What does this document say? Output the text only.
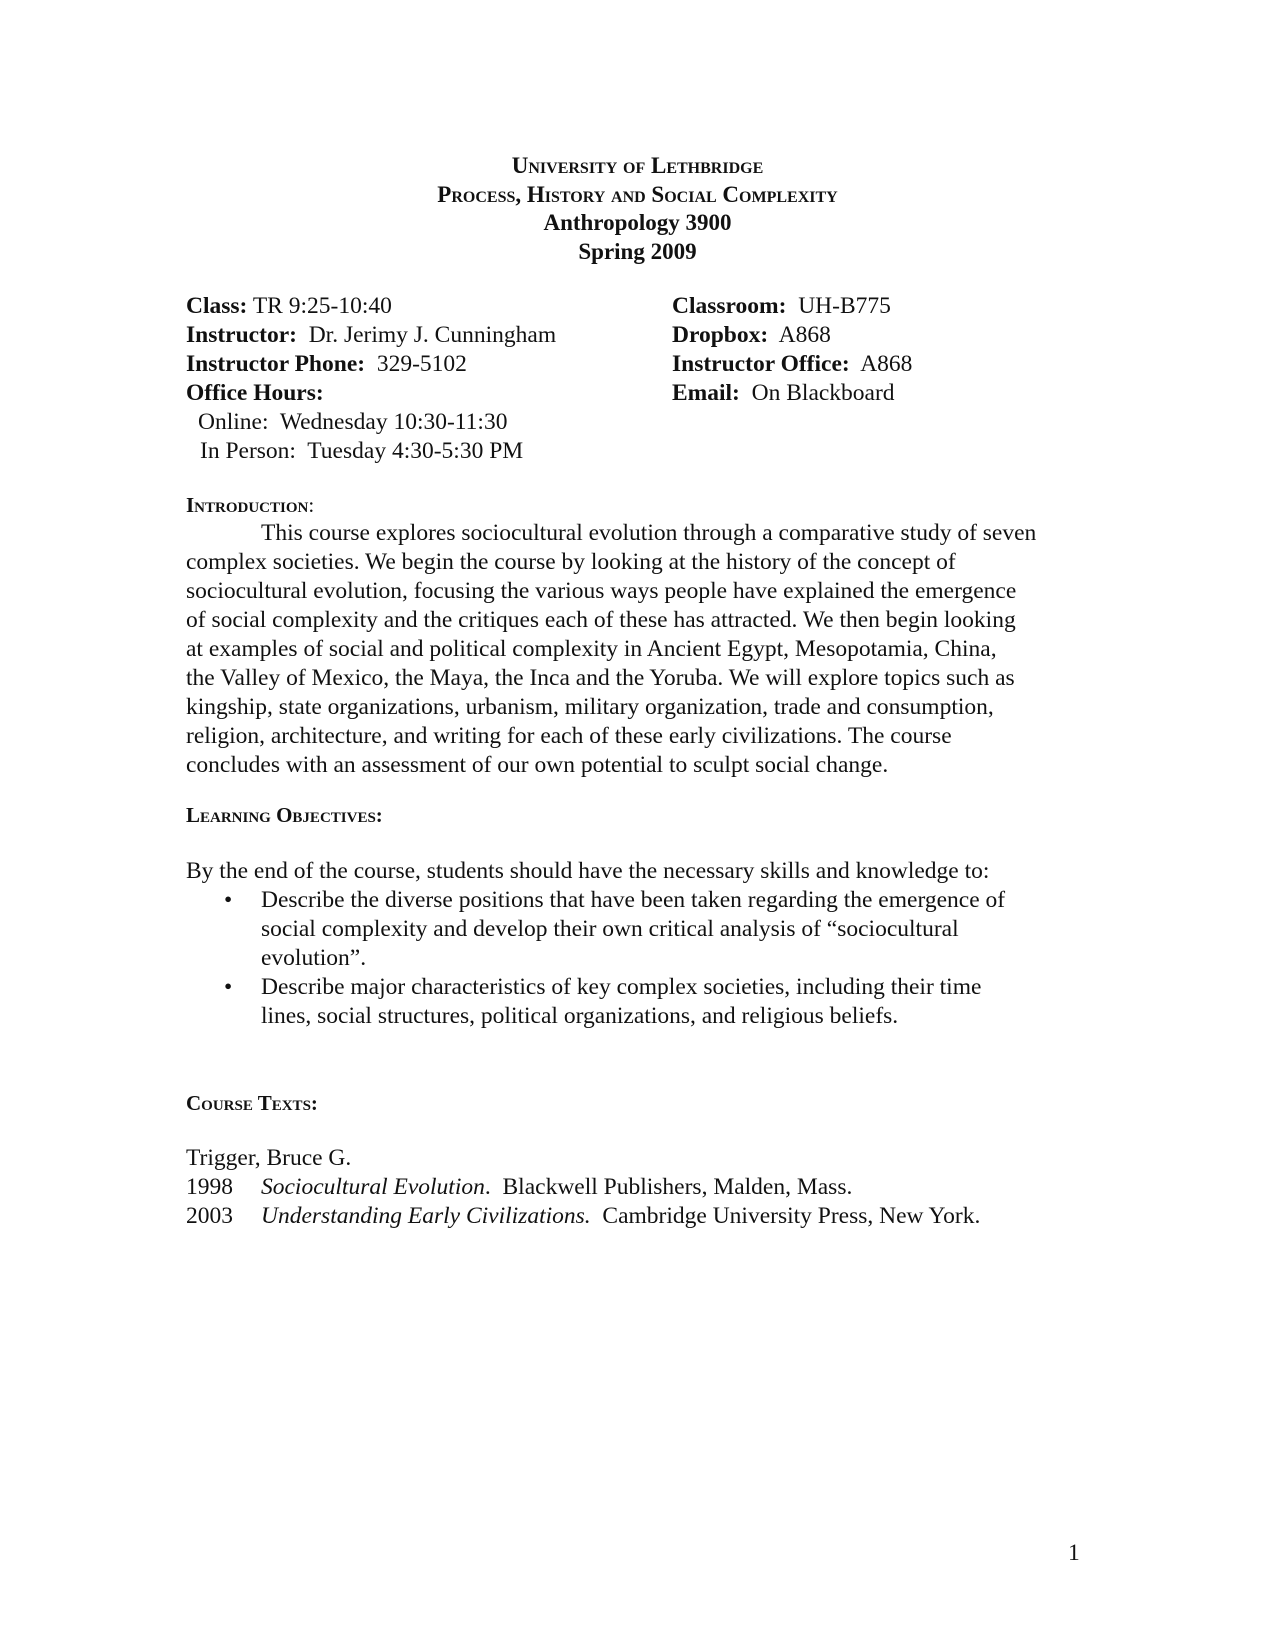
University of Lethbridge
Process, History and Social Complexity
Anthropology 3900
Spring 2009
Class: TR 9:25-10:40
Instructor: Dr. Jerimy J. Cunningham
Instructor Phone: 329-5102
Office Hours:
Online: Wednesday 10:30-11:30
In Person: Tuesday 4:30-5:30 PM
Classroom: UH-B775
Dropbox: A868
Instructor Office: A868
Email: On Blackboard
Introduction:
This course explores sociocultural evolution through a comparative study of seven
complex societies. We begin the course by looking at the history of the concept of
sociocultural evolution, focusing the various ways people have explained the emergence
of social complexity and the critiques each of these has attracted. We then begin looking
at examples of social and political complexity in Ancient Egypt, Mesopotamia, China,
the Valley of Mexico, the Maya, the Inca and the Yoruba. We will explore topics such as
kingship, state organizations, urbanism, military organization, trade and consumption,
religion, architecture, and writing for each of these early civilizations. The course
concludes with an assessment of our own potential to sculpt social change.
Learning Objectives:
By the end of the course, students should have the necessary skills and knowledge to:
• Describe the diverse positions that have been taken regarding the emergence of
social complexity and develop their own critical analysis of “sociocultural
evolution”.
• Describe major characteristics of key complex societies, including their time
lines, social structures, political organizations, and religious beliefs.
Course Texts:
Trigger, Bruce G.
1998 Sociocultural Evolution.  Blackwell Publishers, Malden, Mass.
2003 Understanding Early Civilizations.  Cambridge University Press, New York.
1
